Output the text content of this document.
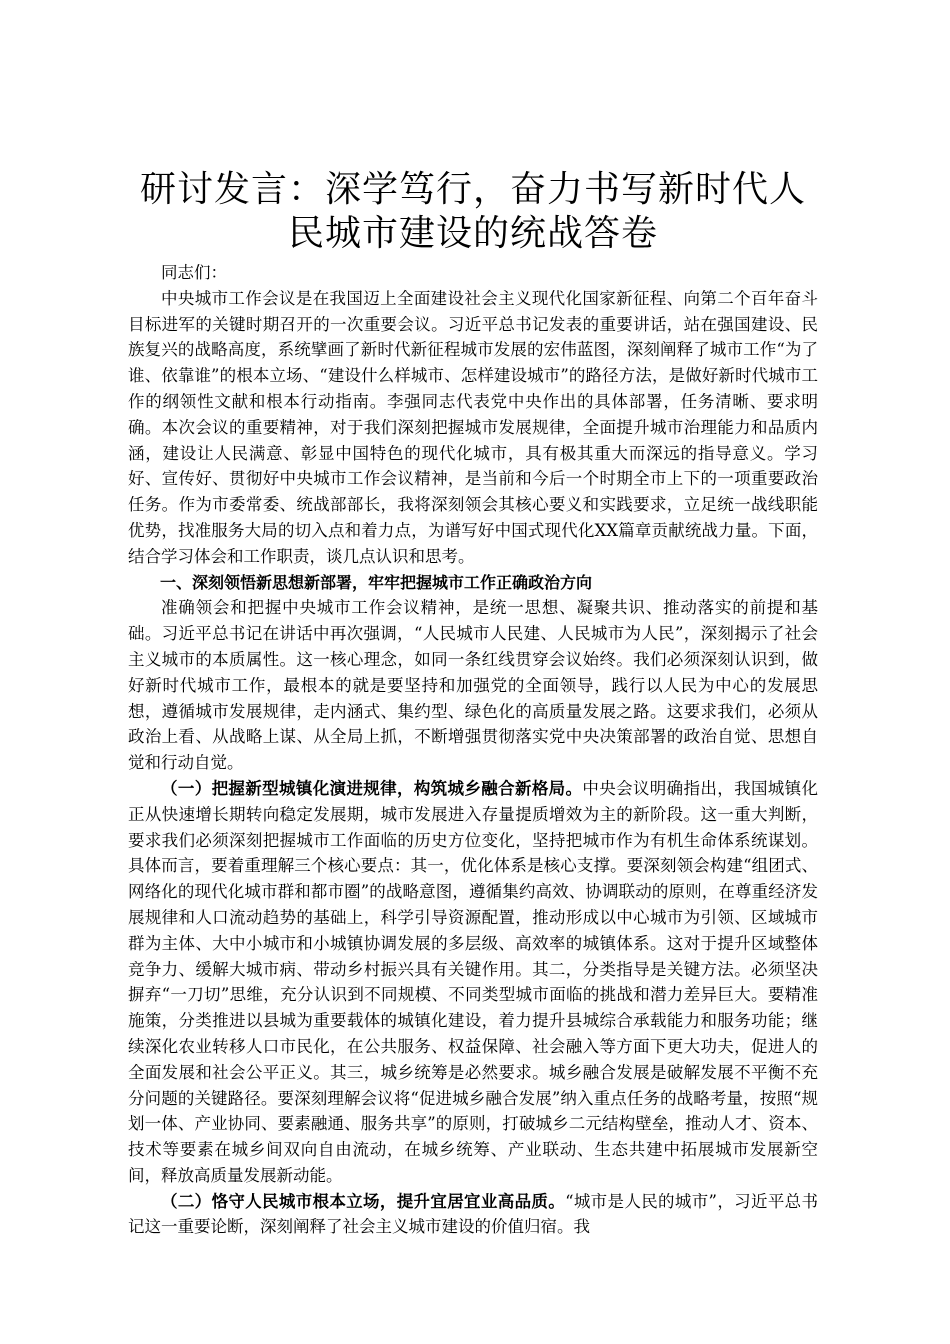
研讨发言：深学笃行，奋力书写新时代人民城市建设的统战答卷

同志们：

中央城市工作会议是在我国迈上全面建设社会主义现代化国家新征程、向第二个百年奋斗目标进军的关键时期召开的一次重要会议。习近平总书记发表的重要讲话，站在强国建设、民族复兴的战略高度，系统擘画了新时代新征程城市发展的宏伟蓝图，深刻阐释了城市工作“为了谁、依靠谁”的根本立场、“建设什么样城市、怎样建设城市”的路径方法，是做好新时代城市工作的纲领性文献和根本行动指南。李强同志代表党中央作出的具体部署，任务清晰、要求明确。本次会议的重要精神，对于我们深刻把握城市发展规律，全面提升城市治理能力和品质内涵，建设让人民满意、彰显中国特色的现代化城市，具有极其重大而深远的指导意义。学习好、宣传好、贯彻好中央城市工作会议精神，是当前和今后一个时期全市上下的一项重要政治任务。作为市委常委、统战部部长，我将深刻领会其核心要义和实践要求，立足统一战线职能优势，找准服务大局的切入点和着力点，为谱写好中国式现代化XX篇章贡献统战力量。下面，结合学习体会和工作职责，谈几点认识和思考。

一、深刻领悟新思想新部署，牢牢把握城市工作正确政治方向

准确领会和把握中央城市工作会议精神，是统一思想、凝聚共识、推动落实的前提和基础。习近平总书记在讲话中再次强调，“人民城市人民建、人民城市为人民”，深刻揭示了社会主义城市的本质属性。这一核心理念，如同一条红线贯穿会议始终。我们必须深刻认识到，做好新时代城市工作，最根本的就是要坚持和加强党的全面领导，践行以人民为中心的发展思想，遵循城市发展规律，走内涵式、集约型、绿色化的高质量发展之路。这要求我们，必须从政治上看、从战略上谋、从全局上抓，不断增强贯彻落实党中央决策部署的政治自觉、思想自觉和行动自觉。

（一）把握新型城镇化演进规律，构筑城乡融合新格局。中央会议明确指出，我国城镇化正从快速增长期转向稳定发展期，城市发展进入存量提质增效为主的新阶段。这一重大判断，要求我们必须深刻把握城市工作面临的历史方位变化，坚持把城市作为有机生命体系统谋划。具体而言，要着重理解三个核心要点：其一，优化体系是核心支撑。要深刻领会构建“组团式、网络化的现代化城市群和都市圈”的战略意图，遵循集约高效、协调联动的原则，在尊重经济发展规律和人口流动趋势的基础上，科学引导资源配置，推动形成以中心城市为引领、区域城市群为主体、大中小城市和小城镇协调发展的多层级、高效率的城镇体系。这对于提升区域整体竞争力、缓解大城市病、带动乡村振兴具有关键作用。其二，分类指导是关键方法。必须坚决摒弃“一刀切”思维，充分认识到不同规模、不同类型城市面临的挑战和潜力差异巨大。要精准施策，分类推进以县城为重要载体的城镇化建设，着力提升县城综合承载能力和服务功能；继续深化农业转移人口市民化，在公共服务、权益保障、社会融入等方面下更大功夫，促进人的全面发展和社会公平正义。其三，城乡统筹是必然要求。城乡融合发展是破解发展不平衡不充分问题的关键路径。要深刻理解会议将“促进城乡融合发展”纳入重点任务的战略考量，按照“规划一体、产业协同、要素融通、服务共享”的原则，打破城乡二元结构壁垒，推动人才、资本、技术等要素在城乡间双向自由流动，在城乡统筹、产业联动、生态共建中拓展城市发展新空间，释放高质量发展新动能。

（二）恪守人民城市根本立场，提升宜居宜业高品质。“城市是人民的城市”，习近平总书记这一重要论断，深刻阐释了社会主义城市建设的价值归宿。我
